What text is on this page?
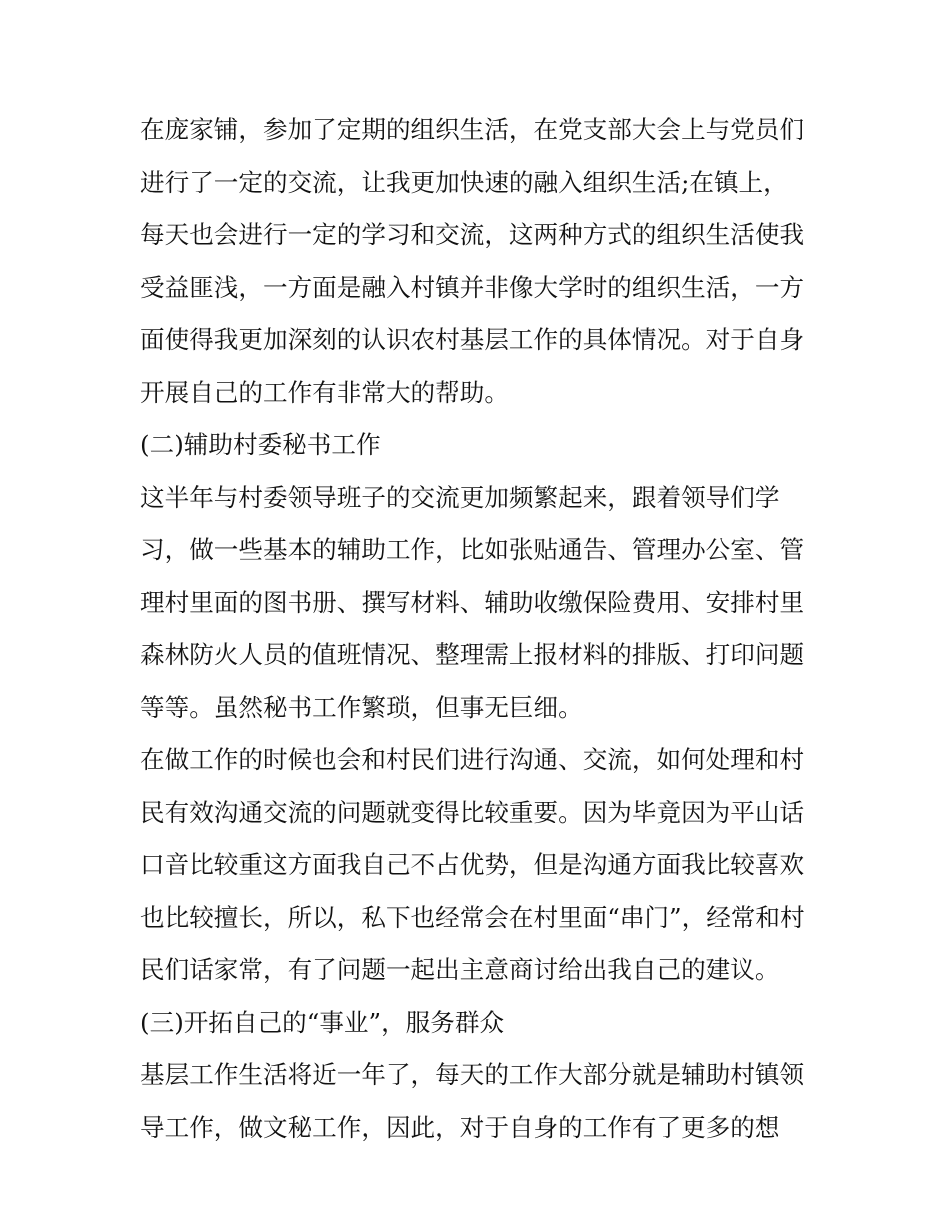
在庞家铺，参加了定期的组织生活，在党支部大会上与党员们
进行了一定的交流，让我更加快速的融入组织生活;在镇上，
每天也会进行一定的学习和交流，这两种方式的组织生活使我
受益匪浅，一方面是融入村镇并非像大学时的组织生活，一方
面使得我更加深刻的认识农村基层工作的具体情况。对于自身
开展自己的工作有非常大的帮助。
(二)辅助村委秘书工作
这半年与村委领导班子的交流更加频繁起来，跟着领导们学
习，做一些基本的辅助工作，比如张贴通告、管理办公室、管
理村里面的图书册、撰写材料、辅助收缴保险费用、安排村里
森林防火人员的值班情况、整理需上报材料的排版、打印问题
等等。虽然秘书工作繁琐，但事无巨细。
在做工作的时候也会和村民们进行沟通、交流，如何处理和村
民有效沟通交流的问题就变得比较重要。因为毕竟因为平山话
口音比较重这方面我自己不占优势，但是沟通方面我比较喜欢
也比较擅长，所以，私下也经常会在村里面“串门”，经常和村
民们话家常，有了问题一起出主意商讨给出我自己的建议。
(三)开拓自己的“事业”，服务群众
基层工作生活将近一年了，每天的工作大部分就是辅助村镇领
导工作，做文秘工作，因此，对于自身的工作有了更多的想
